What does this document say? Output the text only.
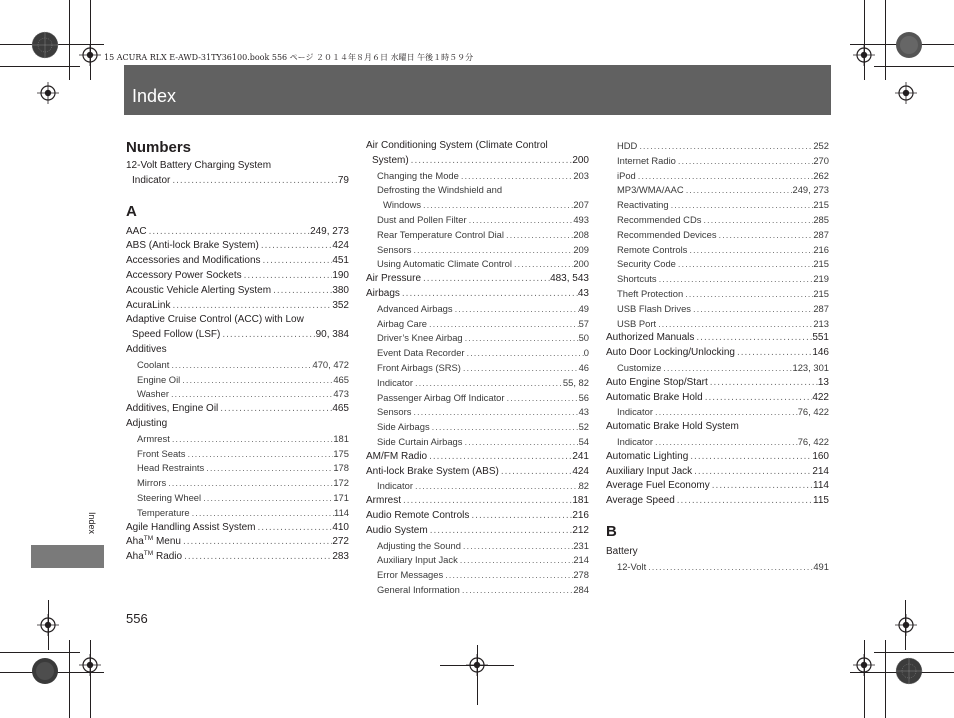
15 ACURA RLX E-AWD-31TY36100.book 556 ページ ２０１４年８月６日 水曜日 午後１時５９分
Index
Index
556
Numbers
12-Volt Battery Charging System
Indicator .....	79
A
AAC .....	249, 273
ABS (Anti-lock Brake System) .....	424
Accessories and Modifications .....	451
Accessory Power Sockets .....	190
Acoustic Vehicle Alerting System .....	380
AcuraLink .....	352
Adaptive Cruise Control (ACC) with Low
Speed Follow (LSF) .....	90, 384
Additives
Coolant .....	470, 472
Engine Oil .....	465
Washer .....	473
Additives, Engine Oil .....	465
Adjusting
Armrest .....	181
Front Seats .....	175
Head Restraints .....	178
Mirrors .....	172
Steering Wheel .....	171
Temperature .....	114
Agile Handling Assist System .....	410
Aha™ Menu .....	272
Aha™ Radio .....	283
Air Conditioning System (Climate Control
System) .....	200
Changing the Mode .....	203
Defrosting the Windshield and
Windows .....	207
Dust and Pollen Filter .....	493
Rear Temperature Control Dial .....	208
Sensors .....	209
Using Automatic Climate Control .....	200
Air Pressure .....	483, 543
Airbags .....	43
Advanced Airbags .....	49
Airbag Care .....	57
Driver’s Knee Airbag .....	50
Event Data Recorder .....	0
Front Airbags (SRS) .....	46
Indicator .....	55, 82
Passenger Airbag Off Indicator .....	56
Sensors .....	43
Side Airbags .....	52
Side Curtain Airbags .....	54
AM/FM Radio .....	241
Anti-lock Brake System (ABS) .....	424
Indicator .....	82
Armrest .....	181
Audio Remote Controls .....	216
Audio System .....	212
Adjusting the Sound .....	231
Auxiliary Input Jack .....	214
Error Messages .....	278
General Information .....	284
HDD .....	252
Internet Radio .....	270
iPod .....	262
MP3/WMA/AAC .....	249, 273
Reactivating .....	215
Recommended CDs .....	285
Recommended Devices .....	287
Remote Controls .....	216
Security Code .....	215
Shortcuts .....	219
Theft Protection .....	215
USB Flash Drives .....	287
USB Port .....	213
Authorized Manuals .....	551
Auto Door Locking/Unlocking .....	146
Customize .....	123, 301
Auto Engine Stop/Start .....	13
Automatic Brake Hold .....	422
Indicator .....	76, 422
Automatic Brake Hold System
Indicator .....	76, 422
Automatic Lighting .....	160
Auxiliary Input Jack .....	214
Average Fuel Economy .....	114
Average Speed .....	115
B
Battery
12-Volt .....	491
